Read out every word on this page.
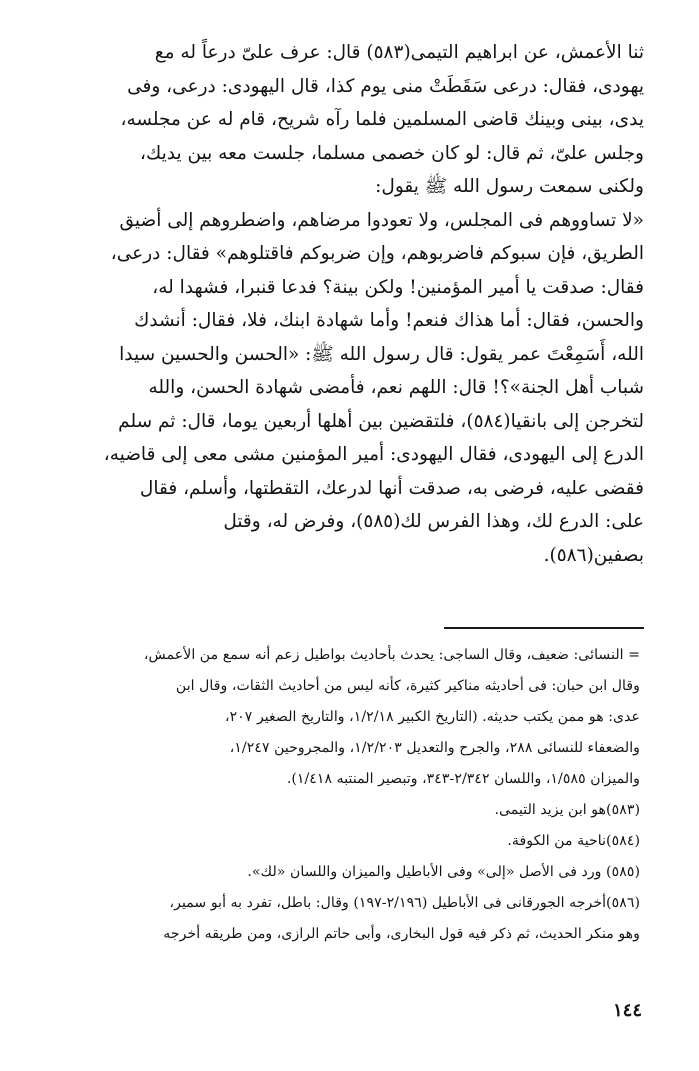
ثنا الأعمش، عن ابراهيم التيمى(٥٨٣) قال: عرف علىّ درعاً له مع
يهودى، فقال: درعى سَقَطَتْ منى يوم كذا، قال اليهودى: درعى، وفى
يدى، بينى وبينك قاضى المسلمين فلما رآه شريح، قام له عن مجلسه،
وجلس علىّ، ثم قال: لو كان خصمى مسلما، جلست معه بين يديك،
ولكنى سمعت رسول الله ﷺ يقول:
«لا تساووهم فى المجلس، ولا تعودوا مرضاهم، واضطروهم إلى أضيق
الطريق، فإن سبوكم فاضربوهم، وإن ضربوكم فاقتلوهم» فقال: درعى،
فقال: صدقت يا أمير المؤمنين! ولكن بينة؟ فدعا قنبرا، فشهدا له،
والحسن، فقال: أما هذاك فنعم! وأما شهادة ابنك، فلا، فقال: أنشدك
الله، أَسَمِعْتَ عمر يقول: قال رسول الله ﷺ: «الحسن والحسين سيدا
شباب أهل الجنة»؟! قال: اللهم نعم، فأمضى شهادة الحسن، والله
لتخرجن إلى بانقيا(٥٨٤)، فلتقضين بين أهلها أربعين يوما، قال: ثم سلم
الدرع إلى اليهودى، فقال اليهودى: أمير المؤمنين مشى معى إلى قاضيه،
فقضى عليه، فرضى به، صدقت أنها لدرعك، التقطتها، وأسلم، فقال
على: الدرع لك، وهذا الفرس لك(٥٨٥)، وفرض له، وقتل
بصفين(٥٨٦).
= النسائى: ضعيف، وقال الساجى: يحدث بأحاديث بواطيل زعم أنه سمع من الأعمش،
وقال ابن حبان: فى أحاديثه مناكير كثيرة، كأنه ليس من أحاديث الثقات، وقال ابن
عدى: هو ممن يكتب حديثه. (التاريخ الكبير ١/٢/١٨، والتاريخ الصغير ٢٠٧،
والضعفاء للنسائى ٢٨٨، والجرح والتعديل ١/٢/٢٠٣، والمجروحين ١/٢٤٧،
والميزان ١/٥٨٥، واللسان ٢/٣٤٢-٣٤٣، وتبصير المنتبه ١/٤١٨).
(٥٨٣)هو ابن يزيد التيمى.
(٥٨٤)ناحية من الكوفة.
(٥٨٥) ورد فى الأصل «إلى» وفى الأباطيل والميزان واللسان «لك».
(٥٨٦)أخرجه الجورقانى فى الأباطيل (٢/١٩٦-١٩٧) وقال: باطل، تفرد به أبو سمير،
وهو منكر الحديث، ثم ذكر فيه قول البخارى، وأبى حاتم الرازى، ومن طريقه أخرجه
١٤٤
